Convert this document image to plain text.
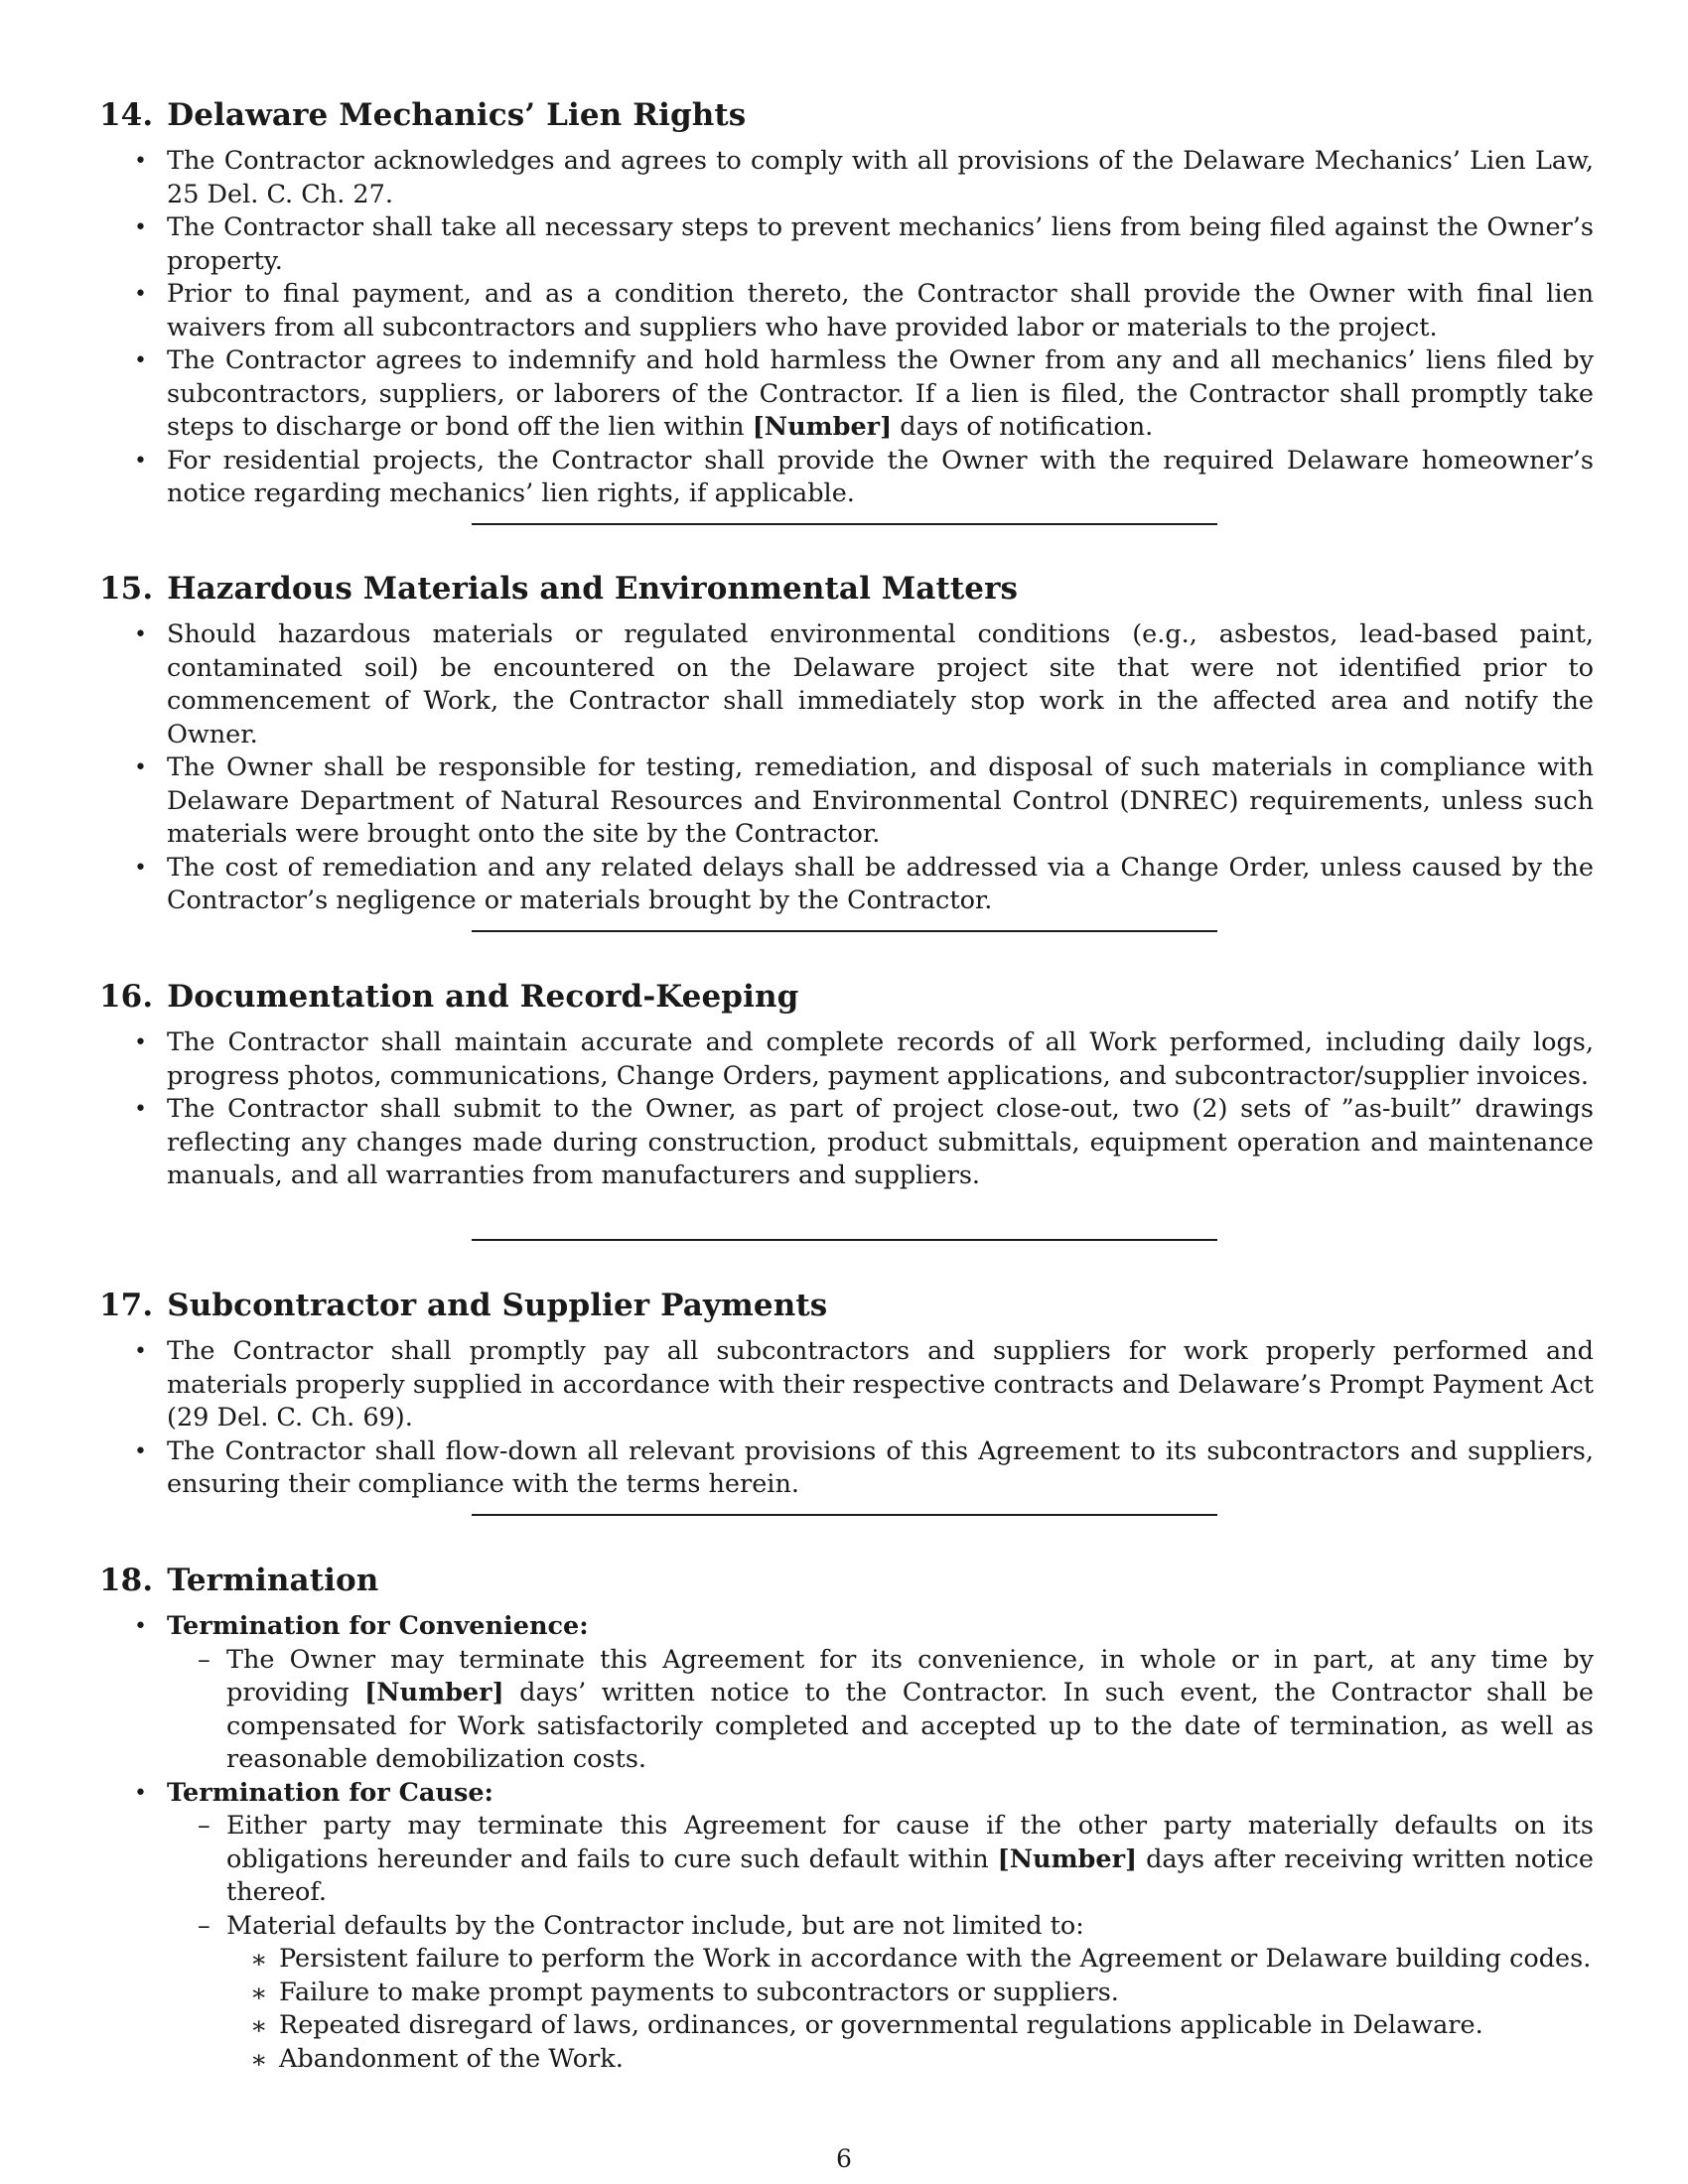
14. Delaware Mechanics’ Lien Rights
• The Contractor acknowledges and agrees to comply with all provisions of the Delaware Mechanics’ Lien Law, 25 Del. C. Ch. 27.
• The Contractor shall take all necessary steps to prevent mechanics’ liens from being filed against the Owner’s property.
• Prior to final payment, and as a condition thereto, the Contractor shall provide the Owner with final lien waivers from all subcontractors and suppliers who have provided labor or materials to the project.
• The Contractor agrees to indemnify and hold harmless the Owner from any and all mechanics’ liens filed by subcontractors, suppliers, or laborers of the Contractor. If a lien is filed, the Contractor shall promptly take steps to discharge or bond off the lien within [Number] days of notification.
• For residential projects, the Contractor shall provide the Owner with the required Delaware homeowner’s notice regarding mechanics’ lien rights, if applicable.
15. Hazardous Materials and Environmental Matters
• Should hazardous materials or regulated environmental conditions (e.g., asbestos, lead-based paint, contaminated soil) be encountered on the Delaware project site that were not identified prior to commencement of Work, the Contractor shall immediately stop work in the affected area and notify the Owner.
• The Owner shall be responsible for testing, remediation, and disposal of such materials in compliance with Delaware Department of Natural Resources and Environmental Control (DNREC) requirements, unless such materials were brought onto the site by the Contractor.
• The cost of remediation and any related delays shall be addressed via a Change Order, unless caused by the Contractor’s negligence or materials brought by the Contractor.
16. Documentation and Record-Keeping
• The Contractor shall maintain accurate and complete records of all Work performed, including daily logs, progress photos, communications, Change Orders, payment applications, and subcontractor/supplier invoices.
• The Contractor shall submit to the Owner, as part of project close-out, two (2) sets of ”as-built” drawings reflecting any changes made during construction, product submittals, equipment operation and maintenance manuals, and all warranties from manufacturers and suppliers.
17. Subcontractor and Supplier Payments
• The Contractor shall promptly pay all subcontractors and suppliers for work properly performed and materials properly supplied in accordance with their respective contracts and Delaware’s Prompt Payment Act (29 Del. C. Ch. 69).
• The Contractor shall flow-down all relevant provisions of this Agreement to its subcontractors and suppliers, ensuring their compliance with the terms herein.
18. Termination
• Termination for Convenience:
– The Owner may terminate this Agreement for its convenience, in whole or in part, at any time by providing [Number] days’ written notice to the Contractor. In such event, the Contractor shall be compensated for Work satisfactorily completed and accepted up to the date of termination, as well as reasonable demobilization costs.
• Termination for Cause:
– Either party may terminate this Agreement for cause if the other party materially defaults on its obligations hereunder and fails to cure such default within [Number] days after receiving written notice thereof.
– Material defaults by the Contractor include, but are not limited to:
∗ Persistent failure to perform the Work in accordance with the Agreement or Delaware building codes.
∗ Failure to make prompt payments to subcontractors or suppliers.
∗ Repeated disregard of laws, ordinances, or governmental regulations applicable in Delaware.
∗ Abandonment of the Work.
6
